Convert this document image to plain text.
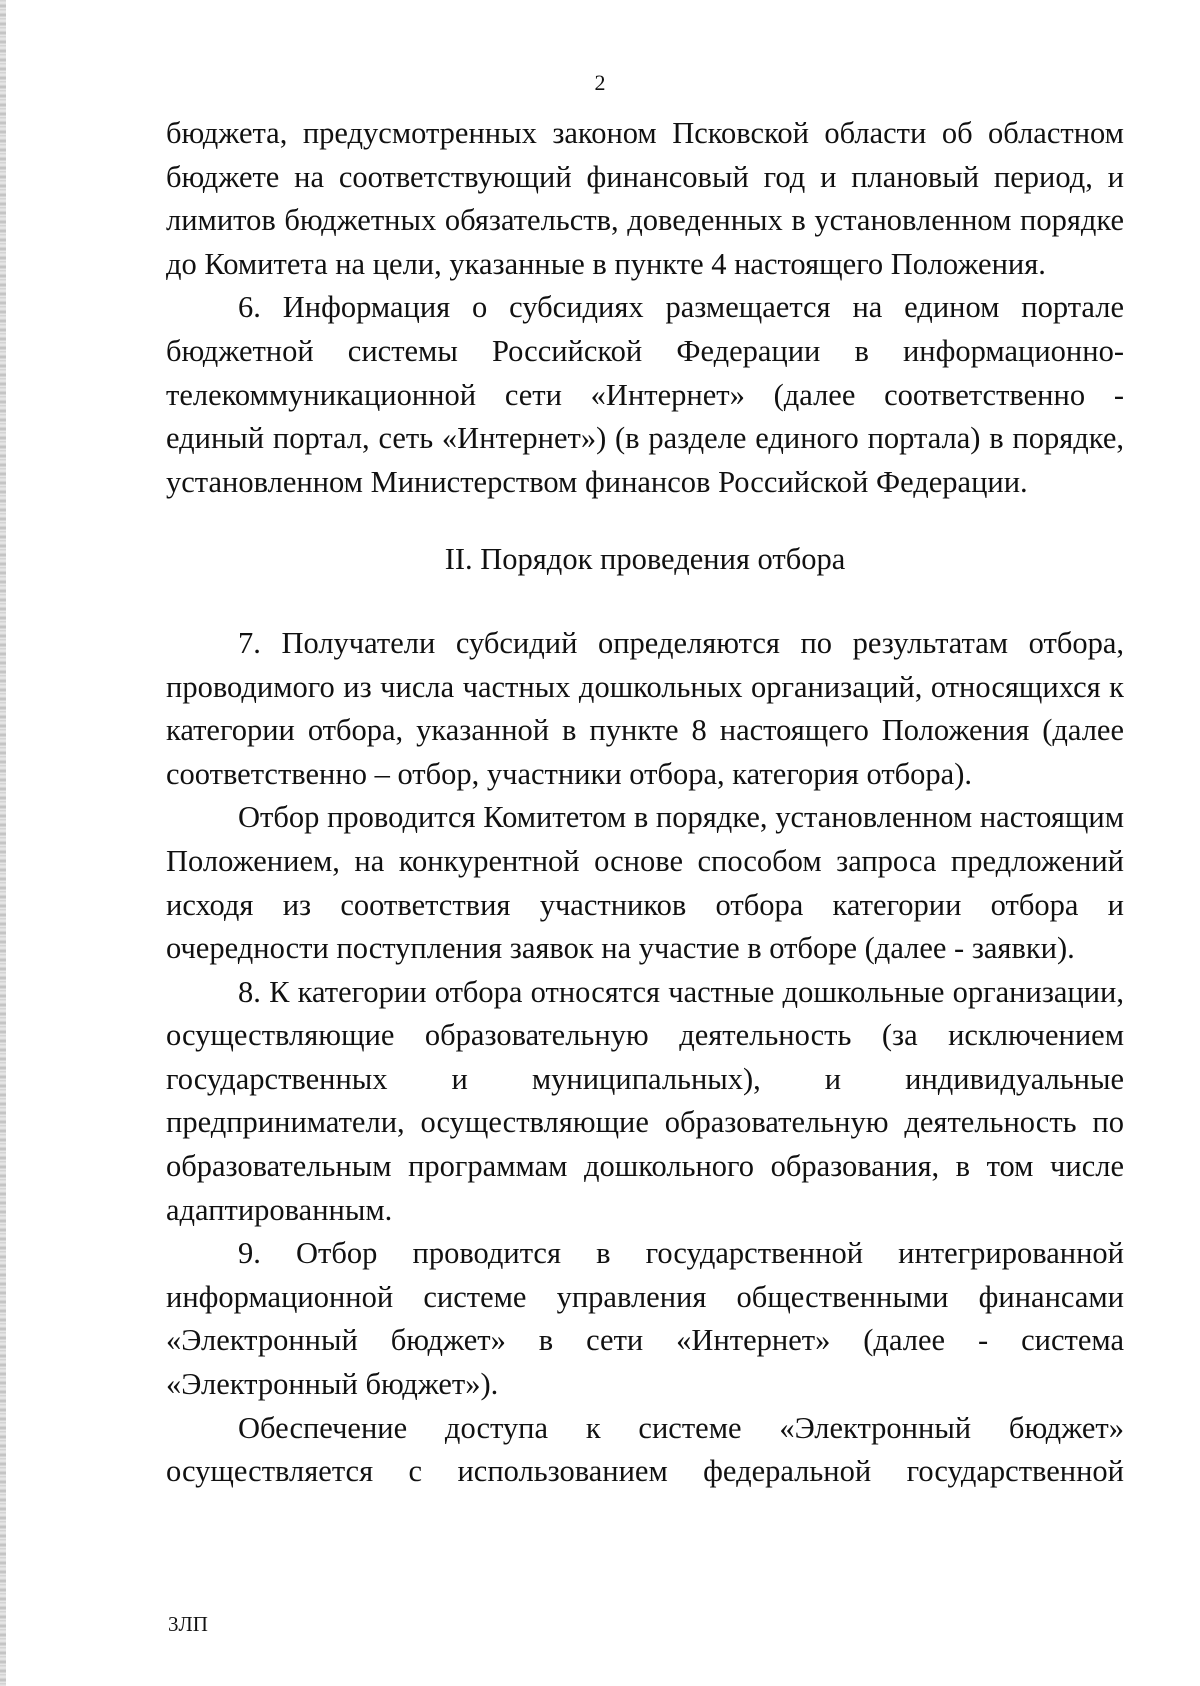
2

бюджета, предусмотренных законом Псковской области об областном бюджете на соответствующий финансовый год и плановый период, и лимитов бюджетных обязательств, доведенных в установленном порядке до Комитета на цели, указанные в пункте 4 настоящего Положения.

6. Информация о субсидиях размещается на едином портале бюджетной системы Российской Федерации в информационно-телекоммуникационной сети «Интернет» (далее соответственно - единый портал, сеть «Интернет») (в разделе единого портала) в порядке, установленном Министерством финансов Российской Федерации.

II. Порядок проведения отбора

7. Получатели субсидий определяются по результатам отбора, проводимого из числа частных дошкольных организаций, относящихся к категории отбора, указанной в пункте 8 настоящего Положения (далее соответственно – отбор, участники отбора, категория отбора).

Отбор проводится Комитетом в порядке, установленном настоящим Положением, на конкурентной основе способом запроса предложений исходя из соответствия участников отбора категории отбора и очередности поступления заявок на участие в отборе (далее - заявки).

8. К категории отбора относятся частные дошкольные организации, осуществляющие образовательную деятельность (за исключением государственных и муниципальных), и индивидуальные предприниматели, осуществляющие образовательную деятельность по образовательным программам дошкольного образования, в том числе адаптированным.

9. Отбор проводится в государственной интегрированной информационной системе управления общественными финансами «Электронный бюджет» в сети «Интернет» (далее - система «Электронный бюджет»).

Обеспечение доступа к системе «Электронный бюджет» осуществляется с использованием федеральной государственной

3ЛП
